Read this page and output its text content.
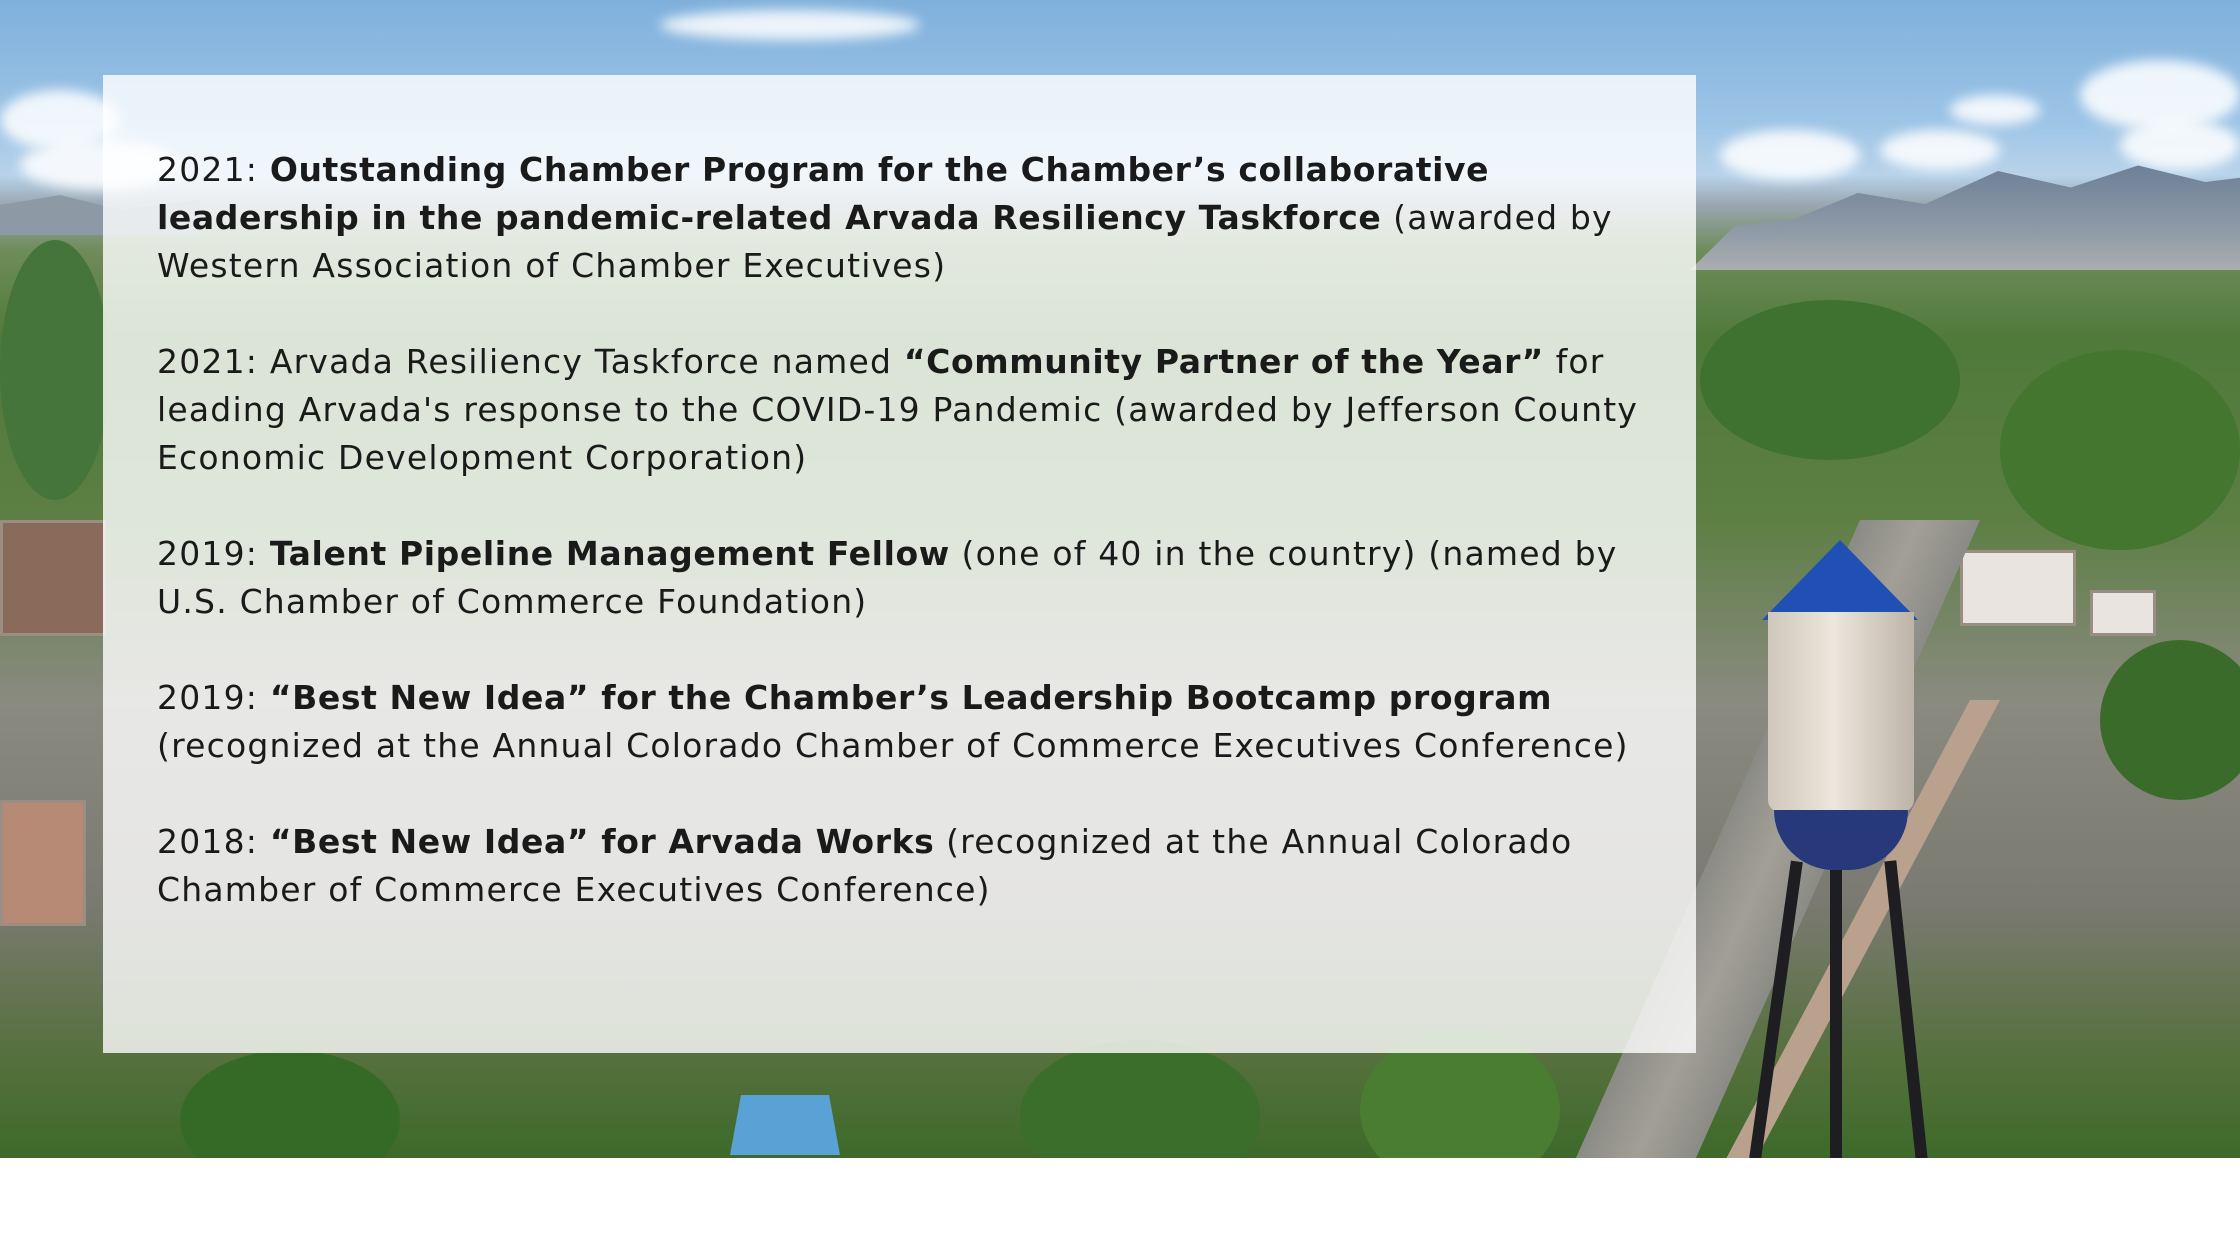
2021: Outstanding Chamber Program for the Chamber’s collaborative leadership in the pandemic-related Arvada Resiliency Taskforce (awarded by Western Association of Chamber Executives)
2021: Arvada Resiliency Taskforce named “Community Partner of the Year” for leading Arvada's response to the COVID-19 Pandemic (awarded by Jefferson County Economic Development Corporation)
2019: Talent Pipeline Management Fellow (one of 40 in the country) (named by U.S. Chamber of Commerce Foundation)
2019: “Best New Idea” for the Chamber’s Leadership Bootcamp program (recognized at the Annual Colorado Chamber of Commerce Executives Conference)
2018: “Best New Idea” for Arvada Works (recognized at the Annual Colorado Chamber of Commerce Executives Conference)
